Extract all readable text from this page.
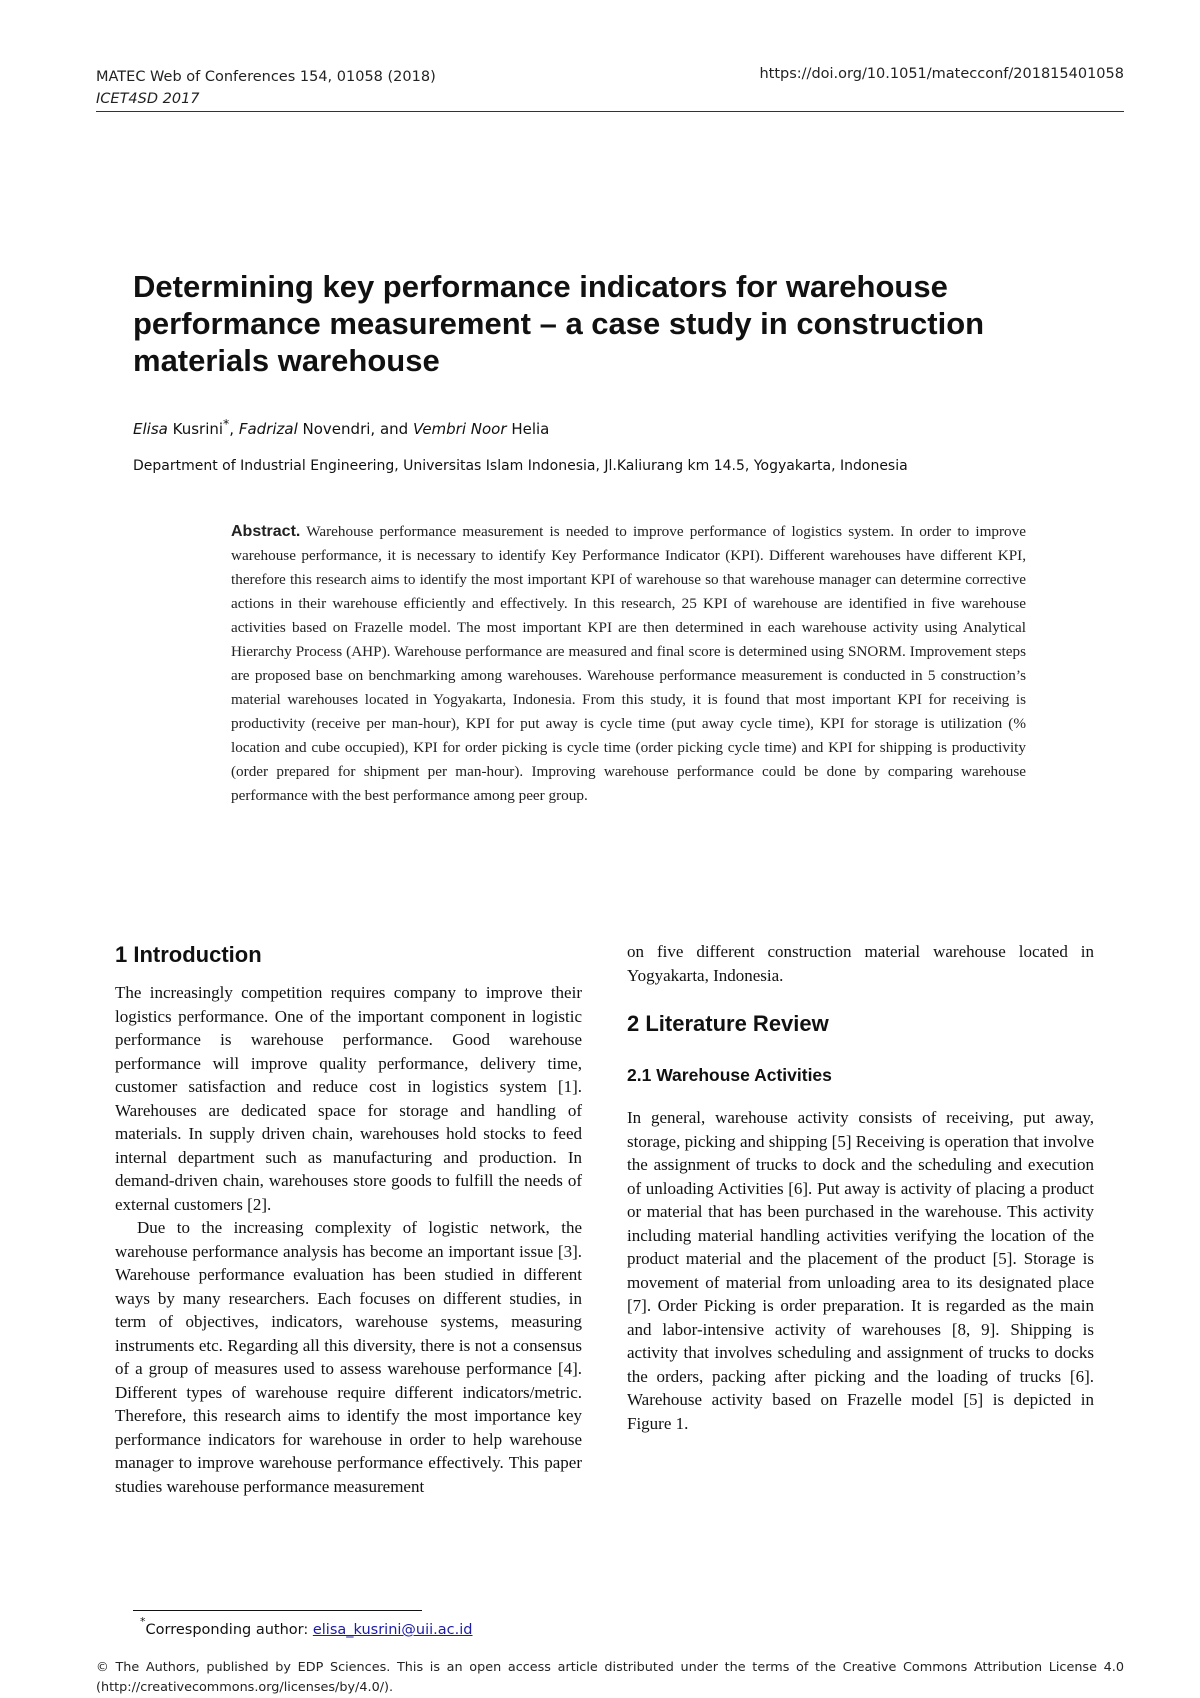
MATEC Web of Conferences 154, 01058 (2018)
ICET4SD 2017
https://doi.org/10.1051/matecconf/201815401058
Determining key performance indicators for warehouse performance measurement – a case study in construction materials warehouse
Elisa Kusrini*, Fadrizal Novendri, and Vembri Noor Helia
Department of Industrial Engineering, Universitas Islam Indonesia, Jl.Kaliurang km 14.5, Yogyakarta, Indonesia

Abstract. Warehouse performance measurement is needed to improve performance of logistics system. In order to improve warehouse performance, it is necessary to identify Key Performance Indicator (KPI). Different warehouses have different KPI, therefore this research aims to identify the most important KPI of warehouse so that warehouse manager can determine corrective actions in their warehouse efficiently and effectively. In this research, 25 KPI of warehouse are identified in five warehouse activities based on Frazelle model. The most important KPI are then determined in each warehouse activity using Analytical Hierarchy Process (AHP). Warehouse performance are measured and final score is determined using SNORM. Improvement steps are proposed base on benchmarking among warehouses. Warehouse performance measurement is conducted in 5 construction’s material warehouses located in Yogyakarta, Indonesia. From this study, it is found that most important KPI for receiving is productivity (receive per man-hour), KPI for put away is cycle time (put away cycle time), KPI for storage is utilization (% location and cube occupied), KPI for order picking is cycle time (order picking cycle time) and KPI for shipping is productivity (order prepared for shipment per man-hour). Improving warehouse performance could be done by comparing warehouse performance with the best performance among peer group.

1 Introduction

The increasingly competition requires company to improve their logistics performance. One of the important component in logistic performance is warehouse performance. Good warehouse performance will improve quality performance, delivery time, customer satisfaction and reduce cost in logistics system [1]. Warehouses are dedicated space for storage and handling of materials. In supply driven chain, warehouses hold stocks to feed internal department such as manufacturing and production. In demand-driven chain, warehouses store goods to fulfill the needs of external customers [2].

Due to the increasing complexity of logistic network, the warehouse performance analysis has become an important issue [3]. Warehouse performance evaluation has been studied in different ways by many researchers. Each focuses on different studies, in term of objectives, indicators, warehouse systems, measuring instruments etc. Regarding all this diversity, there is not a consensus of a group of measures used to assess warehouse performance [4]. Different types of warehouse require different indicators/metric. Therefore, this research aims to identify the most importance key performance indicators for warehouse in order to help warehouse manager to improve warehouse performance effectively. This paper studies warehouse performance measurement

on five different construction material warehouse located in Yogyakarta, Indonesia.

2 Literature Review
2.1 Warehouse Activities

In general, warehouse activity consists of receiving, put away, storage, picking and shipping [5] Receiving is operation that involve the assignment of trucks to dock and the scheduling and execution of unloading Activities [6]. Put away is activity of placing a product or material that has been purchased in the warehouse. This activity including material handling activities verifying the location of the product material and the placement of the product [5]. Storage is movement of material from unloading area to its designated place [7]. Order Picking is order preparation. It is regarded as the main and labor-intensive activity of warehouses [8, 9]. Shipping is activity that involves scheduling and assignment of trucks to docks the orders, packing after picking and the loading of trucks [6]. Warehouse activity based on Frazelle model [5] is depicted in Figure 1.

*Corresponding author: elisa_kusrini@uii.ac.id

© The Authors, published by EDP Sciences. This is an open access article distributed under the terms of the Creative Commons Attribution License 4.0 (http://creativecommons.org/licenses/by/4.0/).
